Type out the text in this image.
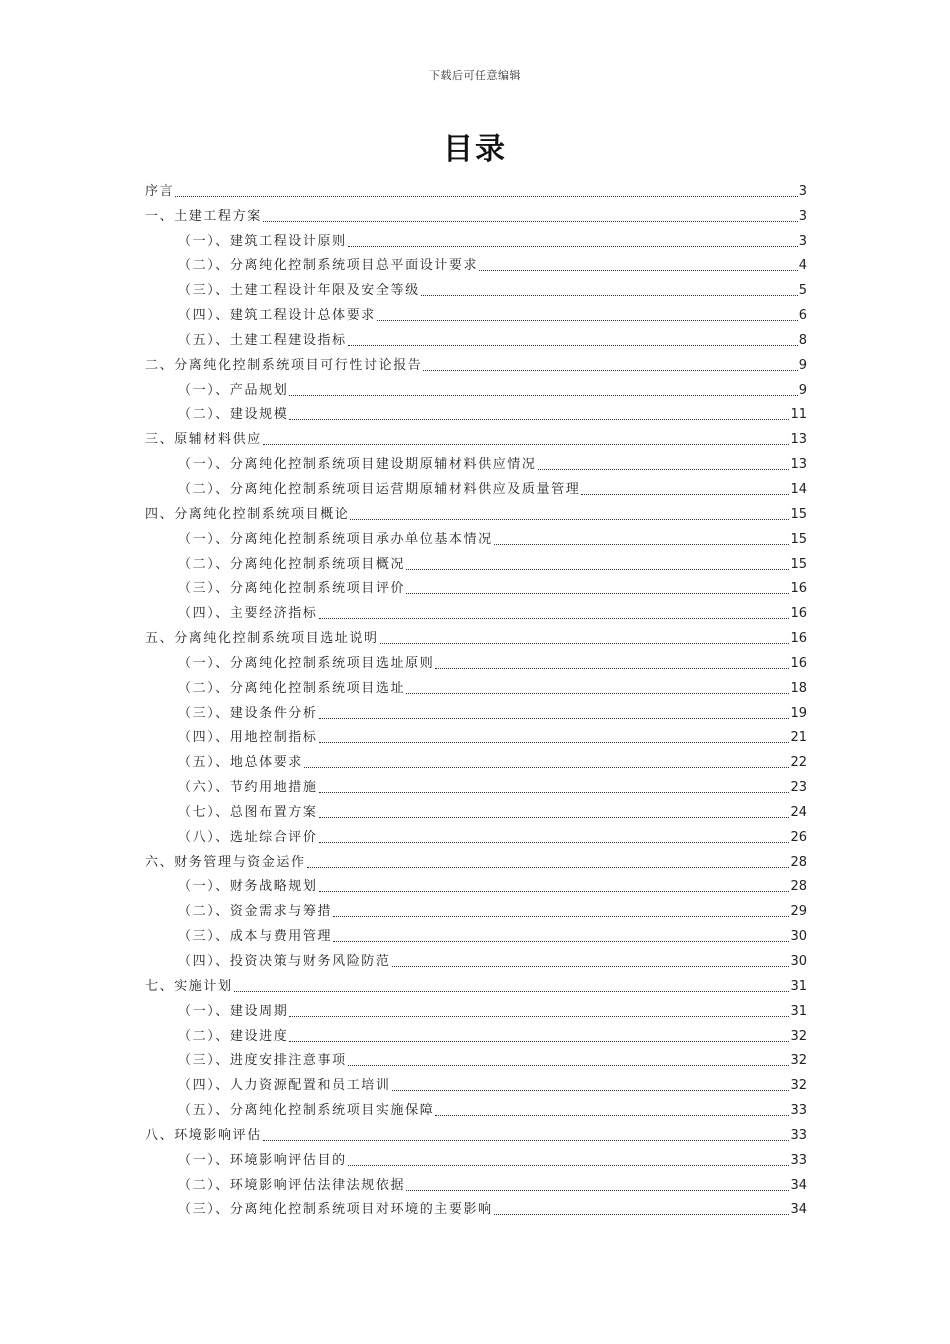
下载后可任意编辑
目录
序言	3
一、土建工程方案	3
（一）、建筑工程设计原则	3
（二）、分离纯化控制系统项目总平面设计要求	4
（三）、土建工程设计年限及安全等级	5
（四）、建筑工程设计总体要求	6
（五）、土建工程建设指标	8
二、分离纯化控制系统项目可行性讨论报告	9
（一）、产品规划	9
（二）、建设规模	11
三、原辅材料供应	13
（一）、分离纯化控制系统项目建设期原辅材料供应情况	13
（二）、分离纯化控制系统项目运营期原辅材料供应及质量管理	14
四、分离纯化控制系统项目概论	15
（一）、分离纯化控制系统项目承办单位基本情况	15
（二）、分离纯化控制系统项目概况	15
（三）、分离纯化控制系统项目评价	16
（四）、主要经济指标	16
五、分离纯化控制系统项目选址说明	16
（一）、分离纯化控制系统项目选址原则	16
（二）、分离纯化控制系统项目选址	18
（三）、建设条件分析	19
（四）、用地控制指标	21
（五）、地总体要求	22
（六）、节约用地措施	23
（七）、总图布置方案	24
（八）、选址综合评价	26
六、财务管理与资金运作	28
（一）、财务战略规划	28
（二）、资金需求与筹措	29
（三）、成本与费用管理	30
（四）、投资决策与财务风险防范	30
七、实施计划	31
（一）、建设周期	31
（二）、建设进度	32
（三）、进度安排注意事项	32
（四）、人力资源配置和员工培训	32
（五）、分离纯化控制系统项目实施保障	33
八、环境影响评估	33
（一）、环境影响评估目的	33
（二）、环境影响评估法律法规依据	34
（三）、分离纯化控制系统项目对环境的主要影响	34
